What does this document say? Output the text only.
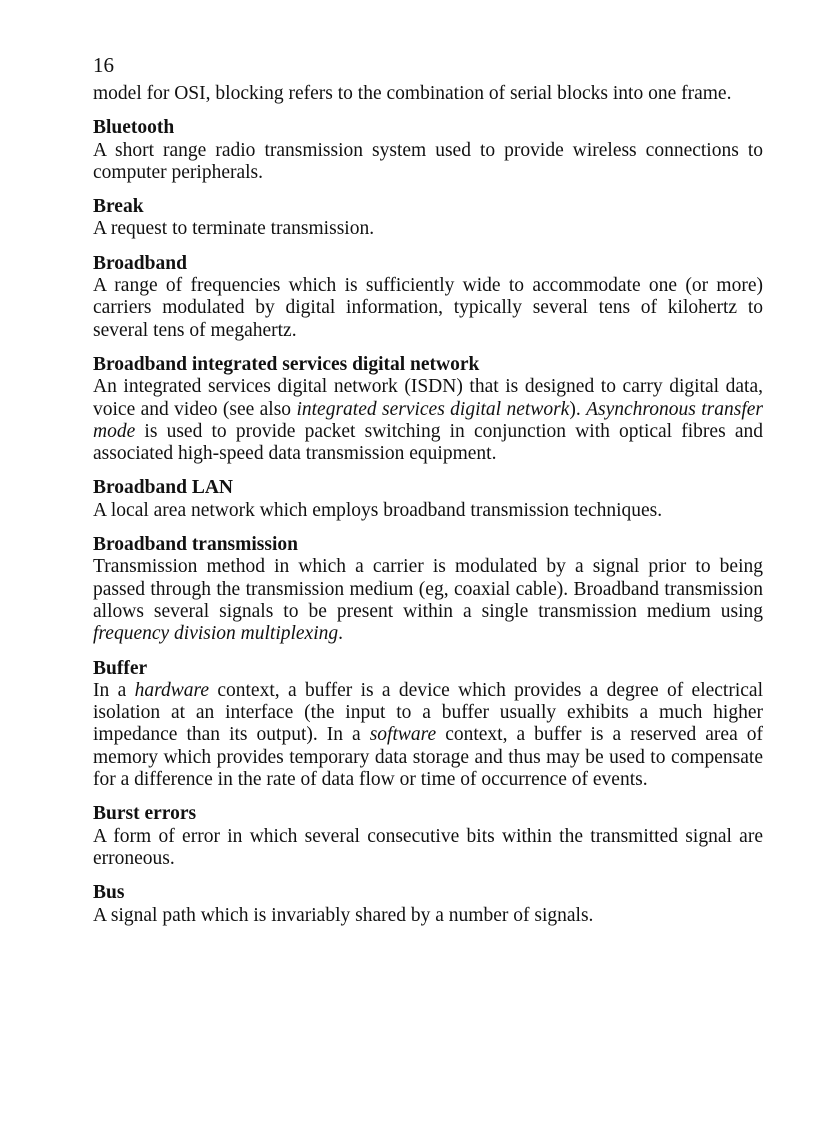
16

model for OSI, blocking refers to the combination of serial blocks into one frame.

Bluetooth

A short range radio transmission system used to provide wireless connections to computer peripherals.

Break

A request to terminate transmission.

Broadband

A range of frequencies which is sufficiently wide to accommodate one (or more) carriers modulated by digital information, typically several tens of kilohertz to several tens of megahertz.

Broadband integrated services digital network

An integrated services digital network (ISDN) that is designed to carry digital data, voice and video (see also integrated services digital network). Asynchronous transfer mode is used to provide packet switching in conjunction with optical fibres and associated high-speed data transmission equipment.

Broadband LAN

A local area network which employs broadband transmission techniques.

Broadband transmission

Transmission method in which a carrier is modulated by a signal prior to being passed through the transmission medium (eg, coaxial cable). Broadband transmission allows several signals to be present within a single transmission medium using frequency division multiplexing.

Buffer

In a hardware context, a buffer is a device which provides a degree of electrical isolation at an interface (the input to a buffer usually exhibits a much higher impedance than its output). In a software context, a buffer is a reserved area of memory which provides temporary data storage and thus may be used to compensate for a difference in the rate of data flow or time of occurrence of events.

Burst errors

A form of error in which several consecutive bits within the transmitted signal are erroneous.

Bus

A signal path which is invariably shared by a number of signals.
